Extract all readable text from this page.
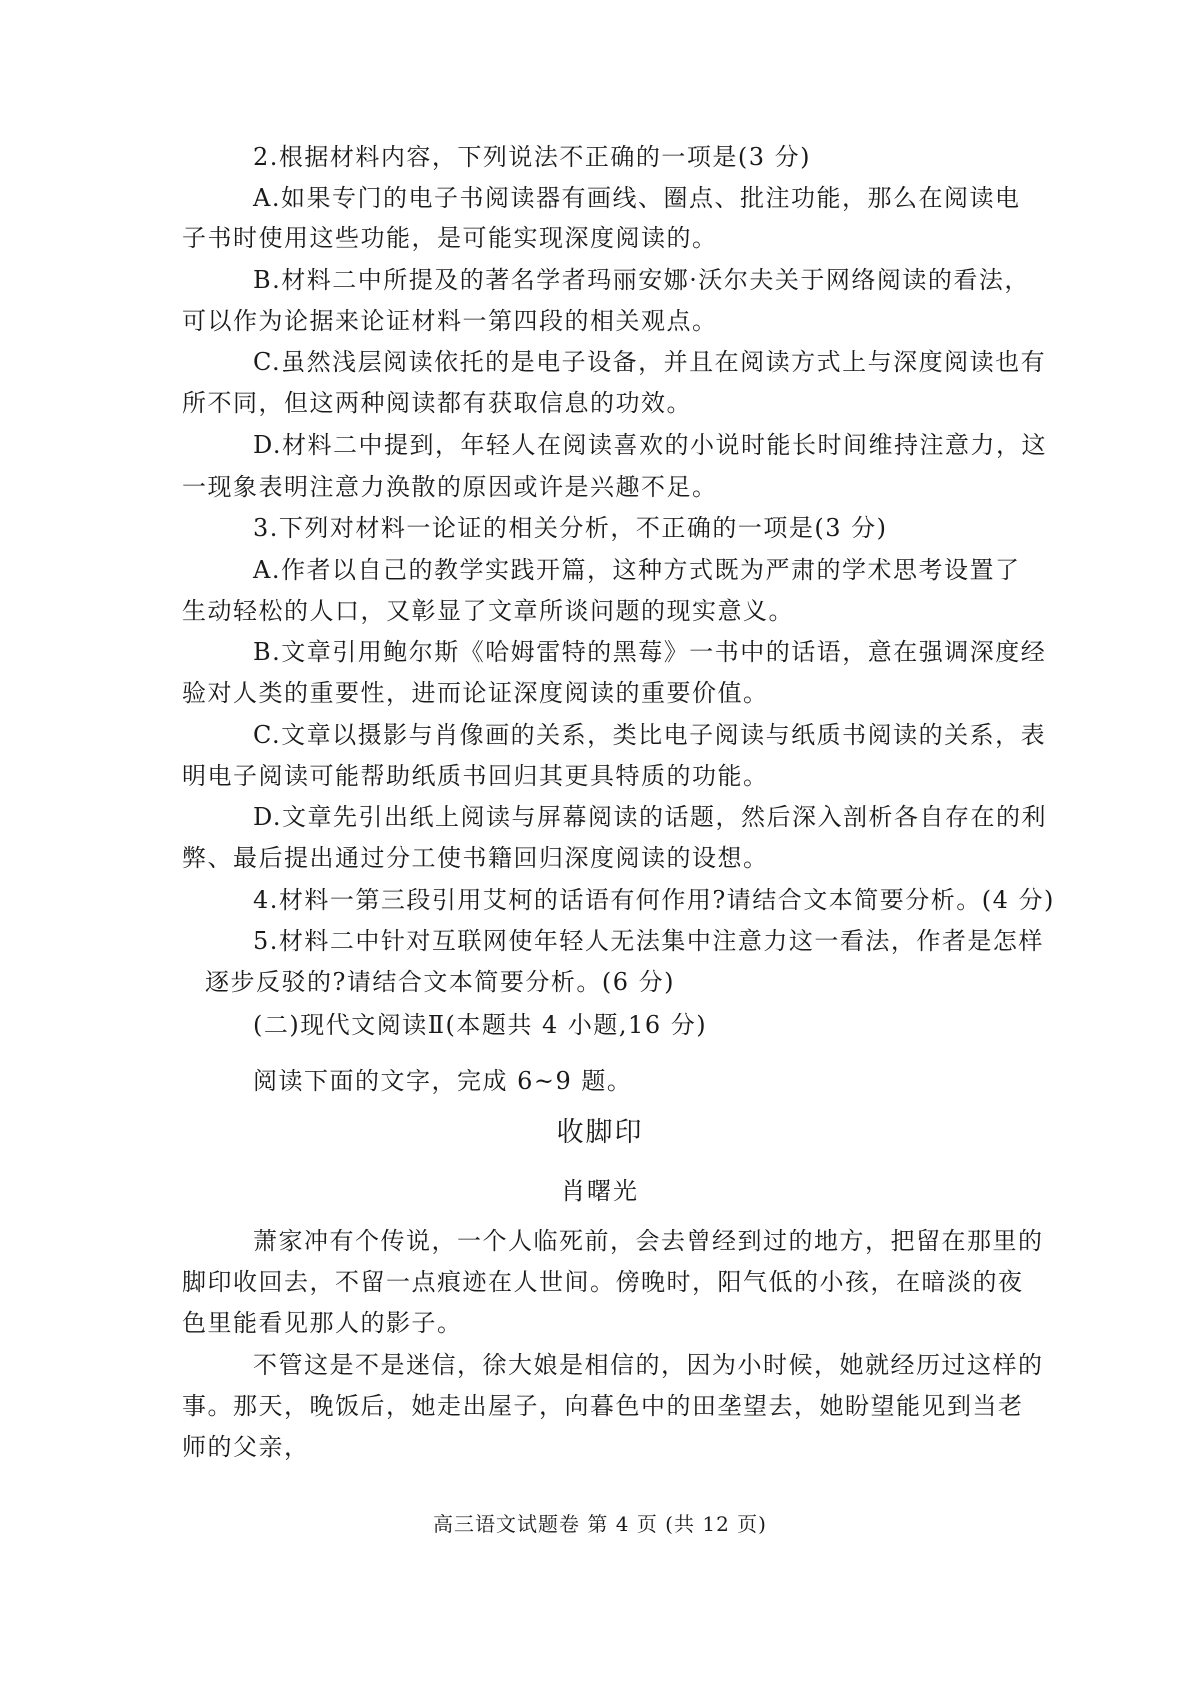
2.根据材料内容，下列说法不正确的一项是(3 分)
A.如果专门的电子书阅读器有画线、圈点、批注功能，那么在阅读电
子书时使用这些功能，是可能实现深度阅读的。
B.材料二中所提及的著名学者玛丽安娜·沃尔夫关于网络阅读的看法，
可以作为论据来论证材料一第四段的相关观点。
C.虽然浅层阅读依托的是电子设备，并且在阅读方式上与深度阅读也有
所不同，但这两种阅读都有获取信息的功效。
D.材料二中提到，年轻人在阅读喜欢的小说时能长时间维持注意力，这
一现象表明注意力涣散的原因或许是兴趣不足。
3.下列对材料一论证的相关分析，不正确的一项是(3 分)
A.作者以自己的教学实践开篇，这种方式既为严肃的学术思考设置了
生动轻松的人口，又彰显了文章所谈问题的现实意义。
B.文章引用鲍尔斯《哈姆雷特的黑莓》一书中的话语，意在强调深度经
验对人类的重要性，进而论证深度阅读的重要价值。
C.文章以摄影与肖像画的关系，类比电子阅读与纸质书阅读的关系，表
明电子阅读可能帮助纸质书回归其更具特质的功能。
D.文章先引出纸上阅读与屏幕阅读的话题，然后深入剖析各自存在的利
弊、最后提出通过分工使书籍回归深度阅读的设想。
4.材料一第三段引用艾柯的话语有何作用?请结合文本简要分析。(4 分)
5.材料二中针对互联网使年轻人无法集中注意力这一看法，作者是怎样
逐步反驳的?请结合文本简要分析。(6 分)
(二)现代文阅读Ⅱ(本题共 4 小题,16 分)
阅读下面的文字，完成 6~9 题。
收脚印
肖曙光
萧家冲有个传说，一个人临死前，会去曾经到过的地方，把留在那里的
脚印收回去，不留一点痕迹在人世间。傍晚时，阳气低的小孩，在暗淡的夜
色里能看见那人的影子。
不管这是不是迷信，徐大娘是相信的，因为小时候，她就经历过这样的
事。那天，晚饭后，她走出屋子，向暮色中的田垄望去，她盼望能见到当老
师的父亲，
高三语文试题卷 第 4 页 (共 12 页)
